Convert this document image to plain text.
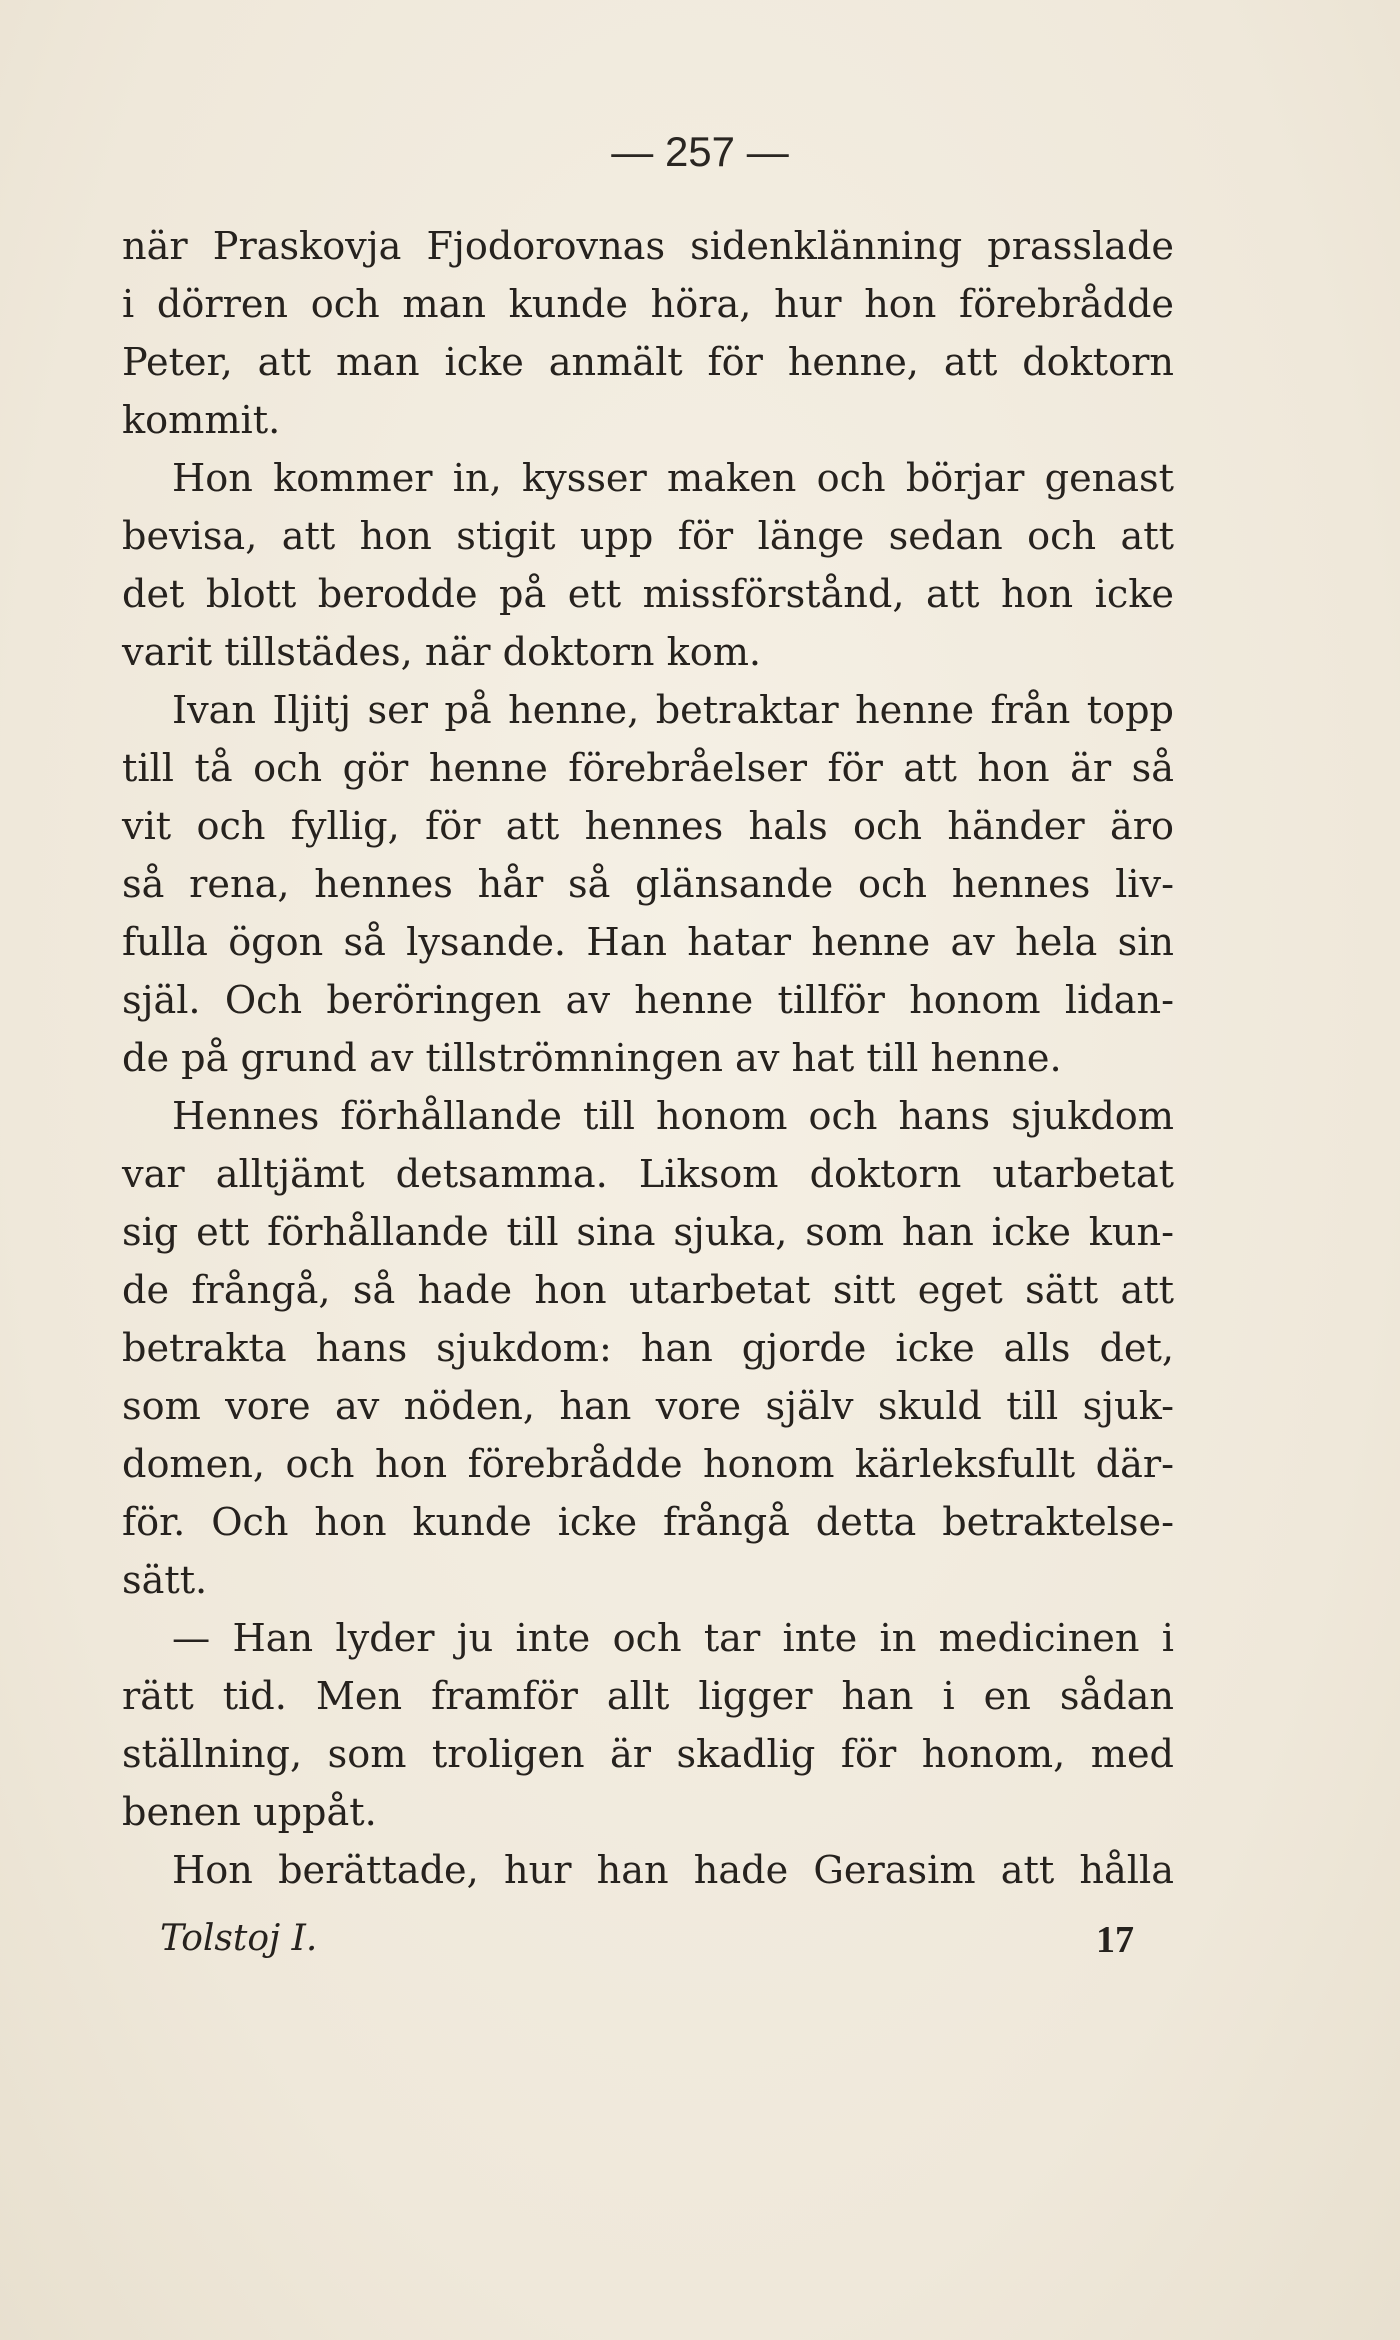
— 257 —
när Praskovja Fjodorovnas sidenklänning prasslade
i dörren och man kunde höra, hur hon förebrådde
Peter, att man icke anmält för henne, att doktorn
kommit.
Hon kommer in, kysser maken och börjar genast
bevisa, att hon stigit upp för länge sedan och att
det blott berodde på ett missförstånd, att hon icke
varit tillstädes, när doktorn kom.
Ivan Iljitj ser på henne, betraktar henne från topp
till tå och gör henne förebråelser för att hon är så
vit och fyllig, för att hennes hals och händer äro
så rena, hennes hår så glänsande och hennes liv-
fulla ögon så lysande. Han hatar henne av hela sin
själ. Och beröringen av henne tillför honom lidan-
de på grund av tillströmningen av hat till henne.
Hennes förhållande till honom och hans sjukdom
var alltjämt detsamma. Liksom doktorn utarbetat
sig ett förhållande till sina sjuka, som han icke kun-
de frångå, så hade hon utarbetat sitt eget sätt att
betrakta hans sjukdom: han gjorde icke alls det,
som vore av nöden, han vore själv skuld till sjuk-
domen, och hon förebrådde honom kärleksfullt där-
för. Och hon kunde icke frångå detta betraktelse-
sätt.
— Han lyder ju inte och tar inte in medicinen i
rätt tid. Men framför allt ligger han i en sådan
ställning, som troligen är skadlig för honom, med
benen uppåt.
Hon berättade, hur han hade Gerasim att hålla
Tolstoj I.	17
